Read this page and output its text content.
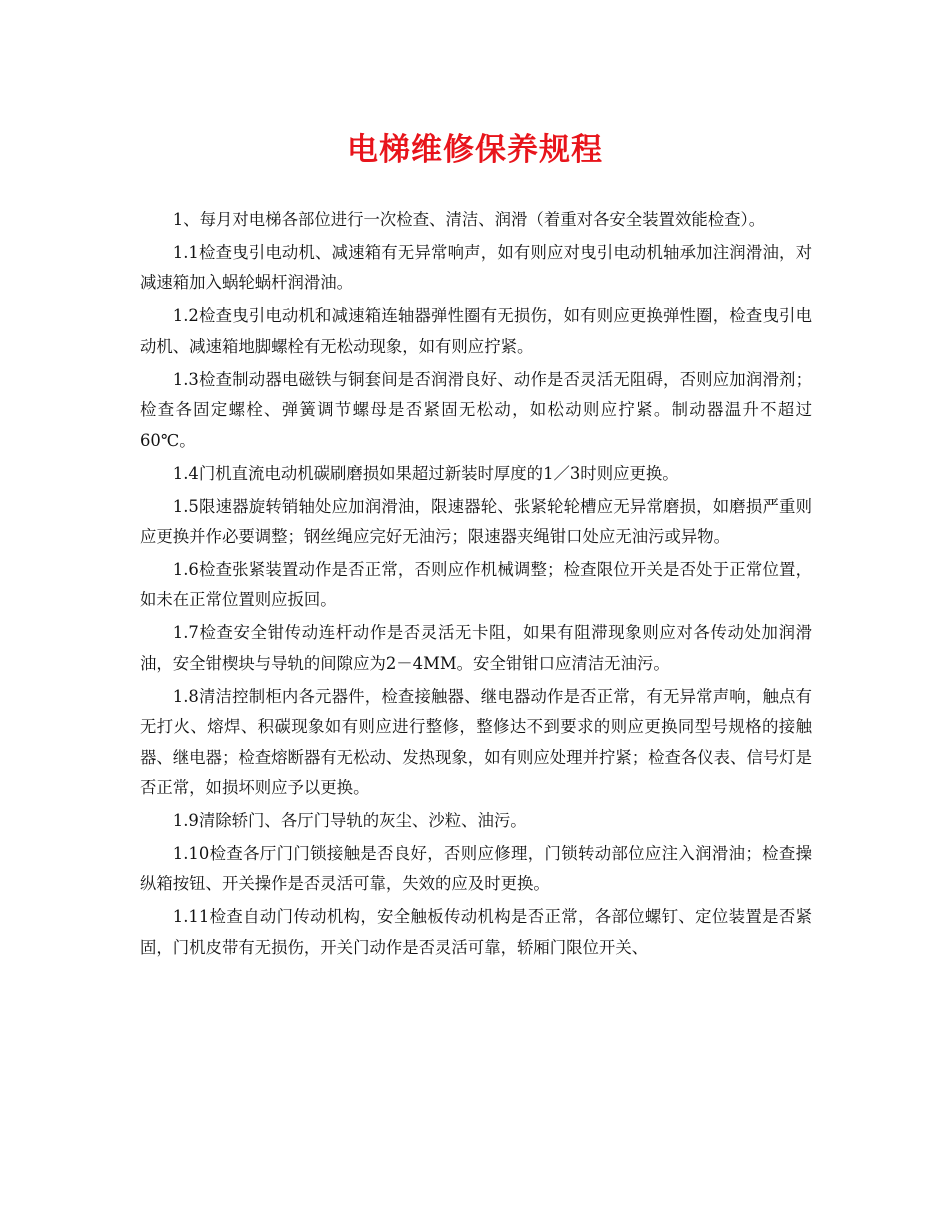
电梯维修保养规程

1、每月对电梯各部位进行一次检查、清洁、润滑（着重对各安全装置效能检查）。

1.1检查曳引电动机、减速箱有无异常响声，如有则应对曳引电动机轴承加注润滑油，对减速箱加入蜗轮蜗杆润滑油。

1.2检查曳引电动机和减速箱连轴器弹性圈有无损伤，如有则应更换弹性圈，检查曳引电动机、减速箱地脚螺栓有无松动现象，如有则应拧紧。

1.3检查制动器电磁铁与铜套间是否润滑良好、动作是否灵活无阻碍，否则应加润滑剂；检查各固定螺栓、弹簧调节螺母是否紧固无松动，如松动则应拧紧。制动器温升不超过60℃。

1.4门机直流电动机碳刷磨损如果超过新装时厚度的1／3时则应更换。

1.5限速器旋转销轴处应加润滑油，限速器轮、张紧轮轮槽应无异常磨损，如磨损严重则应更换并作必要调整；钢丝绳应完好无油污；限速器夹绳钳口处应无油污或异物。

1.6检查张紧装置动作是否正常，否则应作机械调整；检查限位开关是否处于正常位置，如未在正常位置则应扳回。

1.7检查安全钳传动连杆动作是否灵活无卡阻，如果有阻滞现象则应对各传动处加润滑油，安全钳楔块与导轨的间隙应为2－4MM。安全钳钳口应清洁无油污。

1.8清洁控制柜内各元器件，检查接触器、继电器动作是否正常，有无异常声响，触点有无打火、熔焊、积碳现象如有则应进行整修，整修达不到要求的则应更换同型号规格的接触器、继电器；检查熔断器有无松动、发热现象，如有则应处理并拧紧；检查各仪表、信号灯是否正常，如损坏则应予以更换。

1.9清除轿门、各厅门导轨的灰尘、沙粒、油污。

1.10检查各厅门门锁接触是否良好，否则应修理，门锁转动部位应注入润滑油；检查操纵箱按钮、开关操作是否灵活可靠，失效的应及时更换。

1.11检查自动门传动机构，安全触板传动机构是否正常，各部位螺钉、定位装置是否紧固，门机皮带有无损伤，开关门动作是否灵活可靠，轿厢门限位开关、
